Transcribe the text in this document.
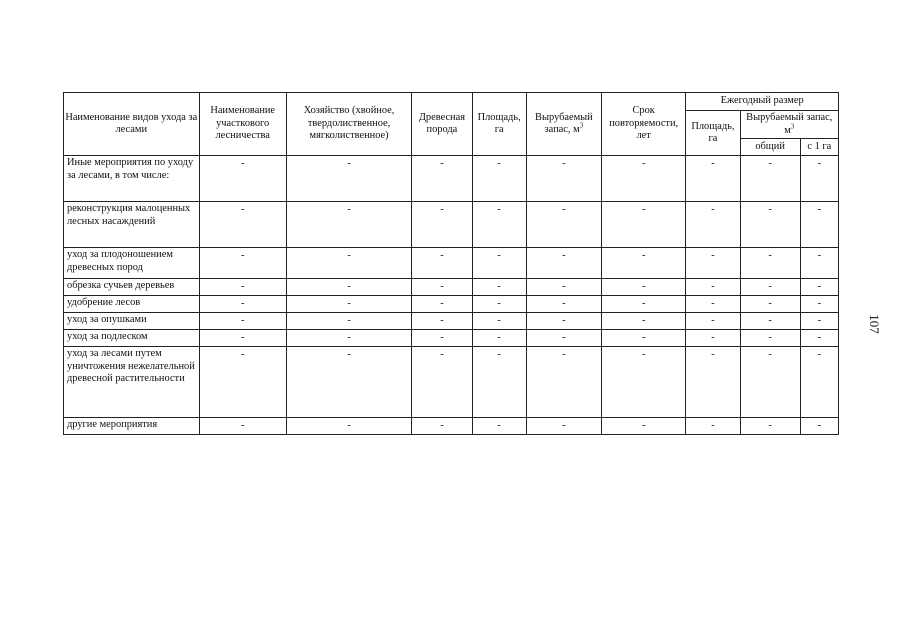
Наименование видов ухода за лесами	Наименование участкового лесничества	Хозяйство (хвойное, твердолиственное, мягколиственное)	Древесная порода	Площадь, га	Вырубаемый запас, $м^3$	Срок повторяемости, лет	Ежегодный размер		
							Площадь, га	Вырубаемый запас, $м^3$
								общий	с 1 га
Иные мероприятия по уходу за лесами, в том числе:	-	-	-	-	-	-	-	-	-
реконструкция малоценных лесных насаждений	-	-	-	-	-	-	-	-	-
уход за плодоношением древесных пород	-	-	-	-	-	-	-	-	-
обрезка сучьев деревьев	-	-	-	-	-	-	-	-	-
удобрение лесов	-	-	-	-	-	-	-	-	-
уход за опушками	-	-	-	-	-	-	-	-	-
уход за подлеском	-	-	-	-	-	-	-	-	-
уход за лесами путем уничтожения нежелательной древесной растительности	-	-	-	-	-	-	-	-	-
другие мероприятия	-	-	-	-	-	-	-	-	-
107
